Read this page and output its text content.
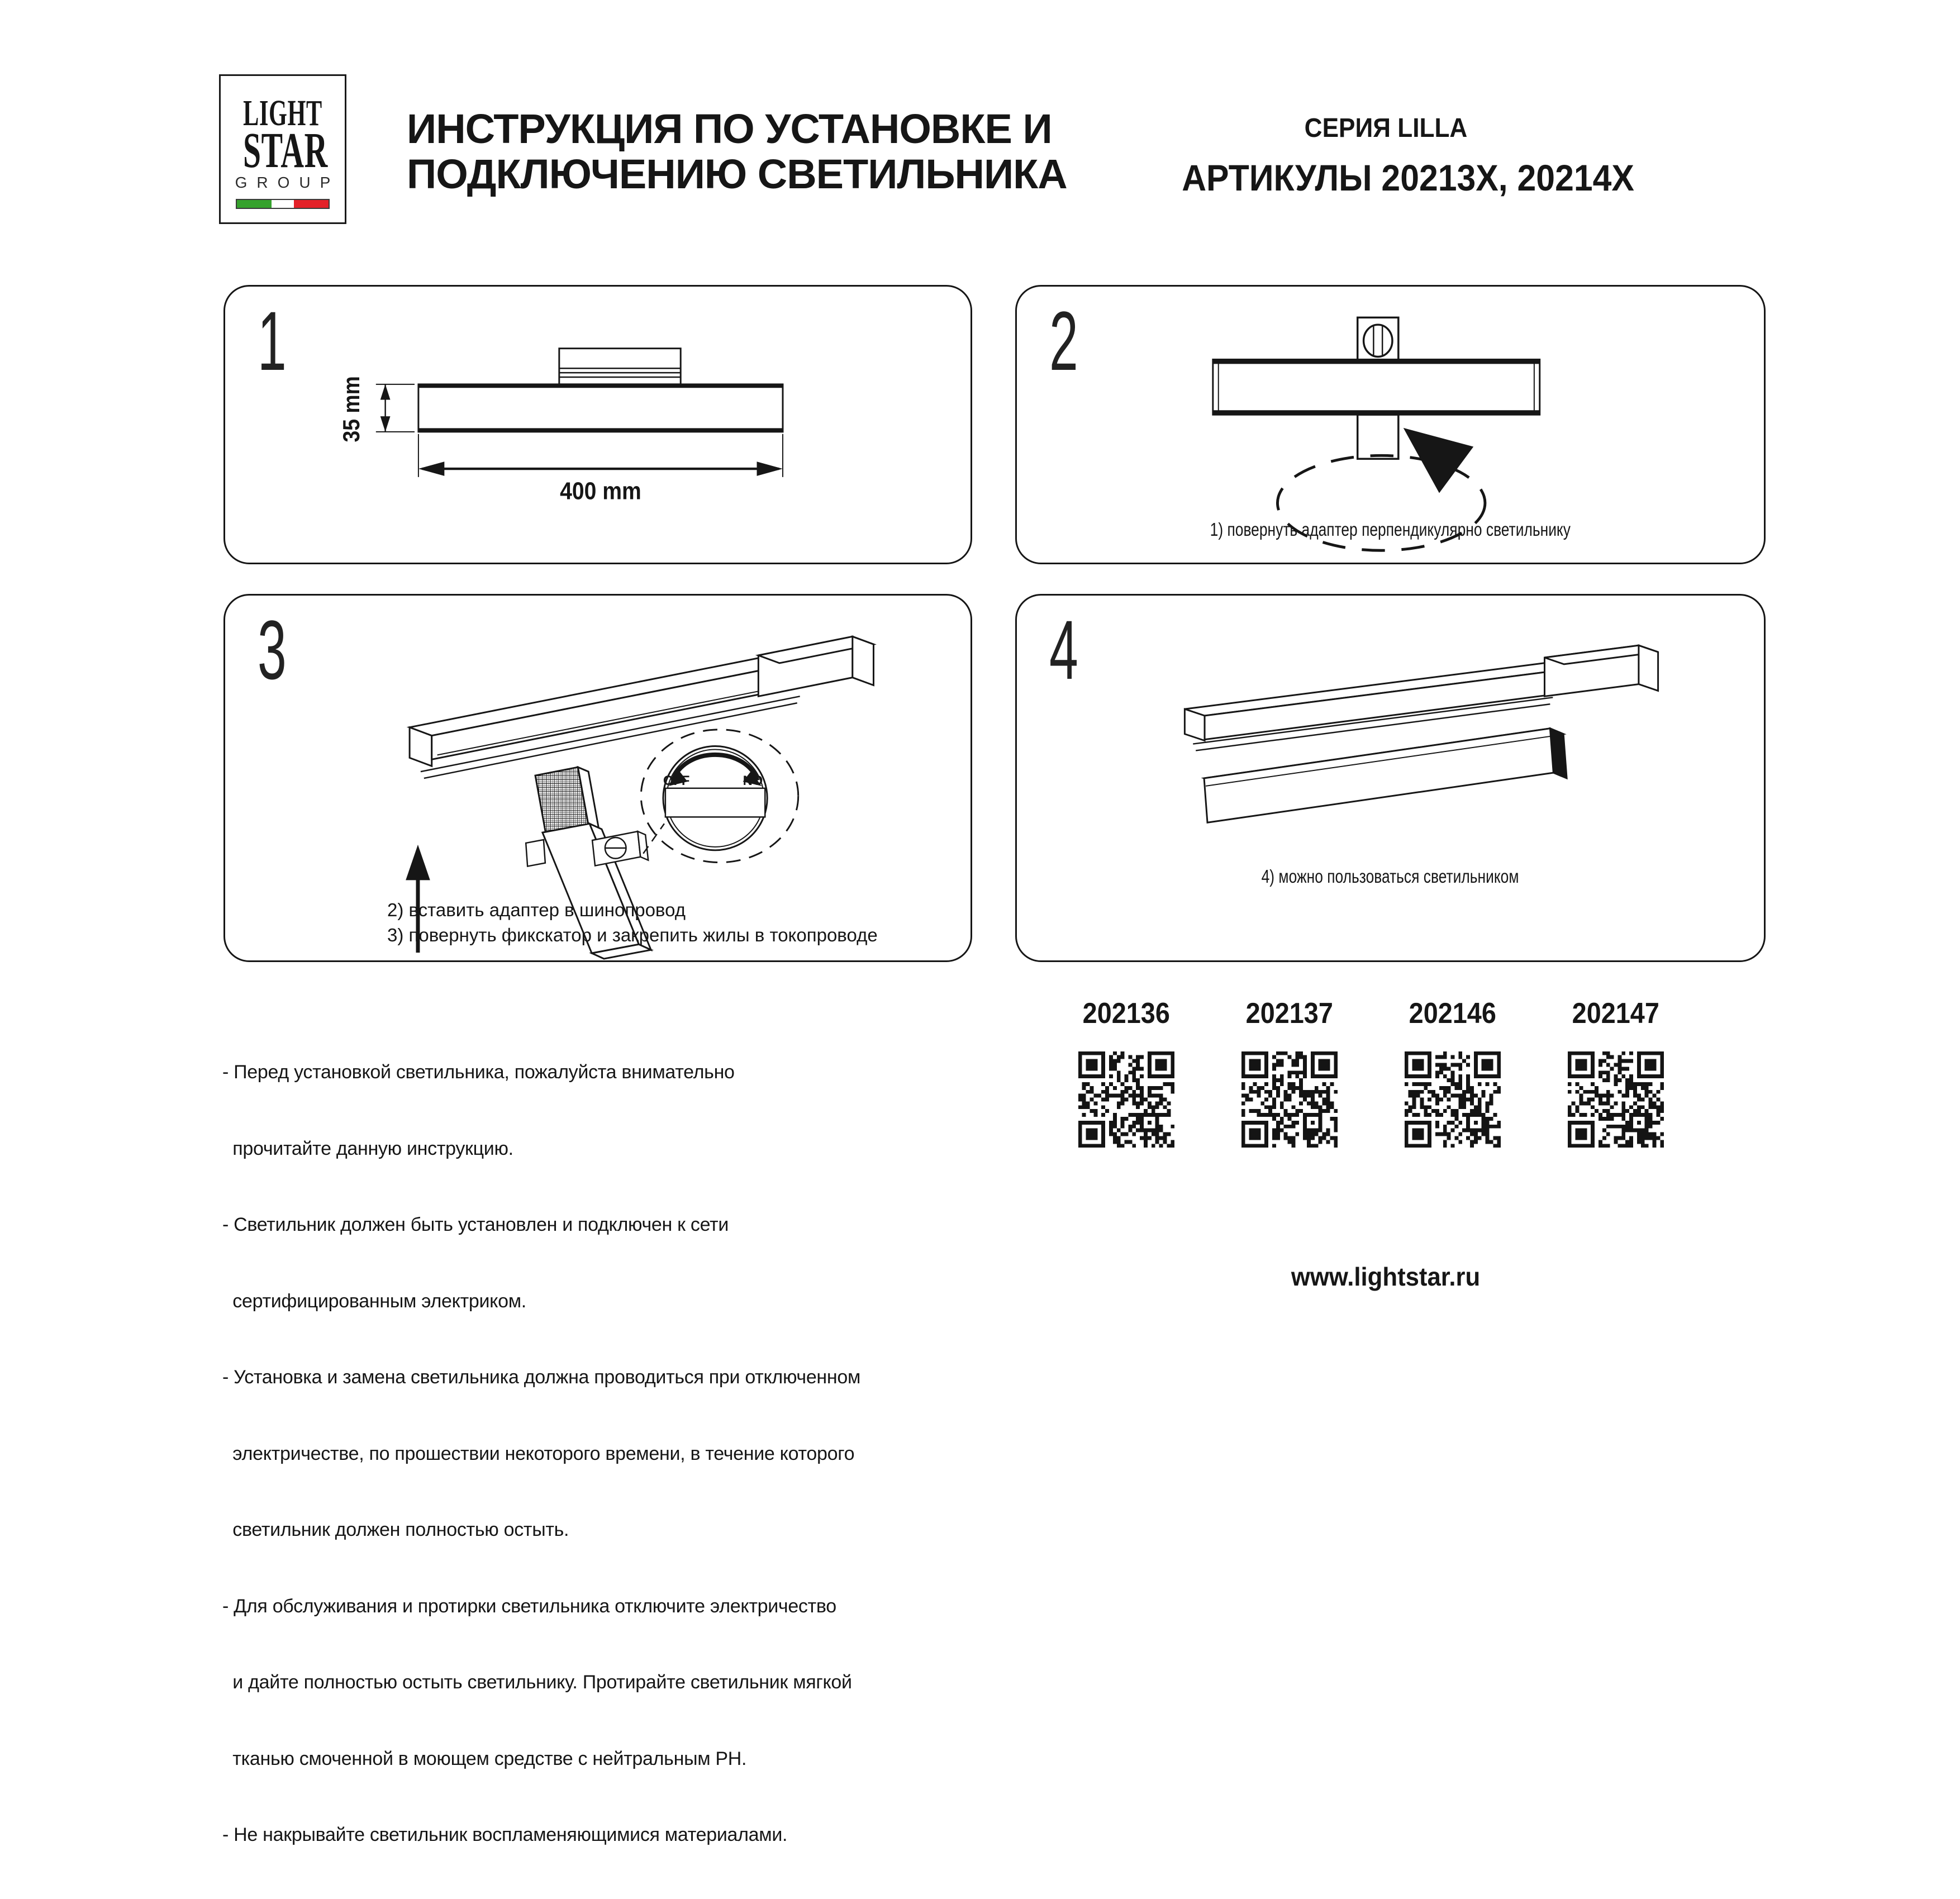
LIGHT
STAR
GROUP
ИНСТРУКЦИЯ ПО УСТАНОВКЕ И
ПОДКЛЮЧЕНИЮ СВЕТИЛЬНИКА
СЕРИЯ LILLA
АРТИКУЛЫ 20213X, 20214X
1
35 mm
400 mm
2
1) повернуть адаптер перпендикулярно светильнику
3
OFF	NO
2) вставить адаптер в шинопровод
3) повернуть фикскатор и закрепить жилы в токопроводе
4
4) можно пользоваться светильником

- Перед установкой светильника, пожалуйста внимательно

прочитайте данную инструкцию.

- Светильник должен быть установлен и подключен к сети

сертифицированным электриком.

- Установка и замена светильника должна проводиться при отключенном

электричестве, по прошествии некоторого времени, в течение которого

светильник должен полностью остыть.

- Для обслуживания и протирки светильника отключите электричество

и дайте полностью остыть светильнику. Протирайте светильник мягкой

тканью смоченной в моющем средстве с нейтральным PH.

- Не накрывайте светильник воспламеняющимися материалами.

202136	202137	202146	202147
www.lightstar.ru
